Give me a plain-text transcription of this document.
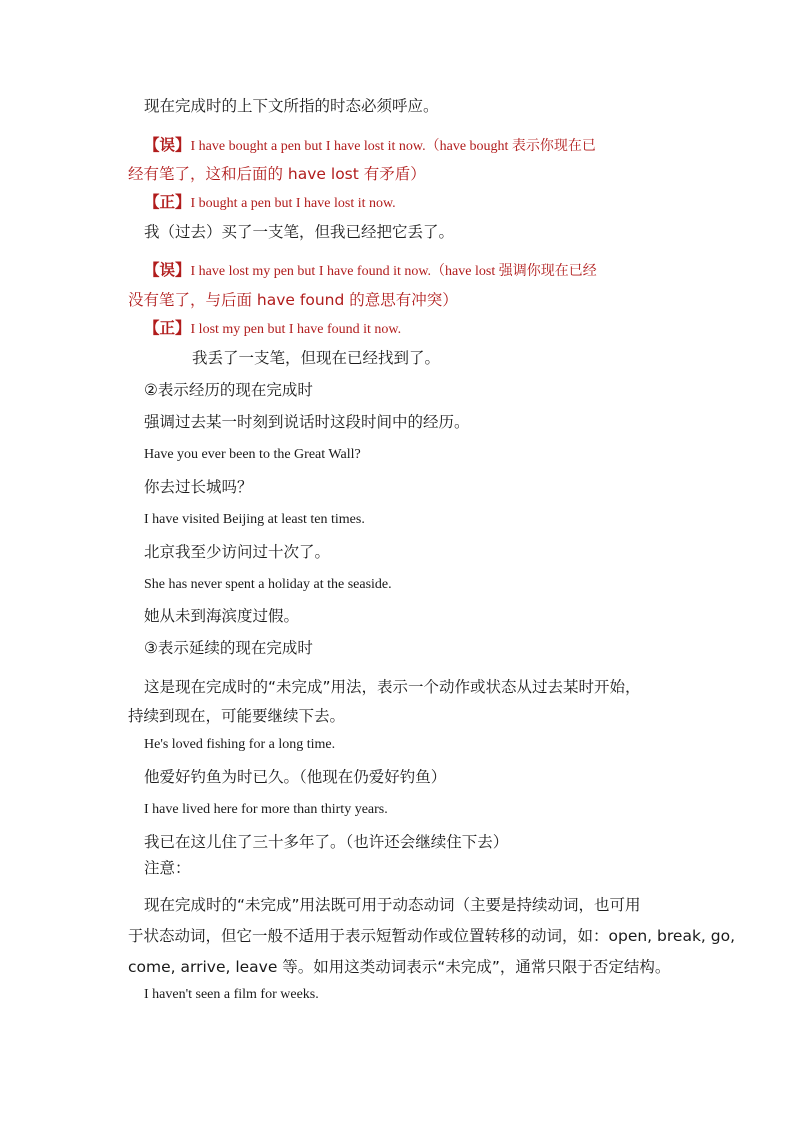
现在完成时的上下文所指的时态必须呼应。
【误】I have bought a pen but I have lost it now.（have bought 表示你现在已
经有笔了，这和后面的 have lost 有矛盾）
【正】I bought a pen but I have lost it now.
我（过去）买了一支笔，但我已经把它丢了。
【误】I have lost my pen but I have found it now.（have lost 强调你现在已经
没有笔了，与后面 have found 的意思有冲突）
【正】I lost my pen but I have found it now.
我丢了一支笔，但现在已经找到了。
②表示经历的现在完成时
强调过去某一时刻到说话时这段时间中的经历。
Have you ever been to the Great Wall?
你去过长城吗？
I have visited Beijing at least ten times.
北京我至少访问过十次了。
She has never spent a holiday at the seaside.
她从未到海滨度过假。
③表示延续的现在完成时
这是现在完成时的“未完成”用法，表示一个动作或状态从过去某时开始，
持续到现在，可能要继续下去。
He's loved fishing for a long time.
他爱好钓鱼为时已久。（他现在仍爱好钓鱼）
I have lived here for more than thirty years.
我已在这儿住了三十多年了。（也许还会继续住下去）
注意：
现在完成时的“未完成”用法既可用于动态动词（主要是持续动词，也可用
于状态动词，但它一般不适用于表示短暂动作或位置转移的动词，如：open, break, go,
come, arrive, leave 等。如用这类动词表示“未完成”，通常只限于否定结构。
I haven't seen a film for weeks.
